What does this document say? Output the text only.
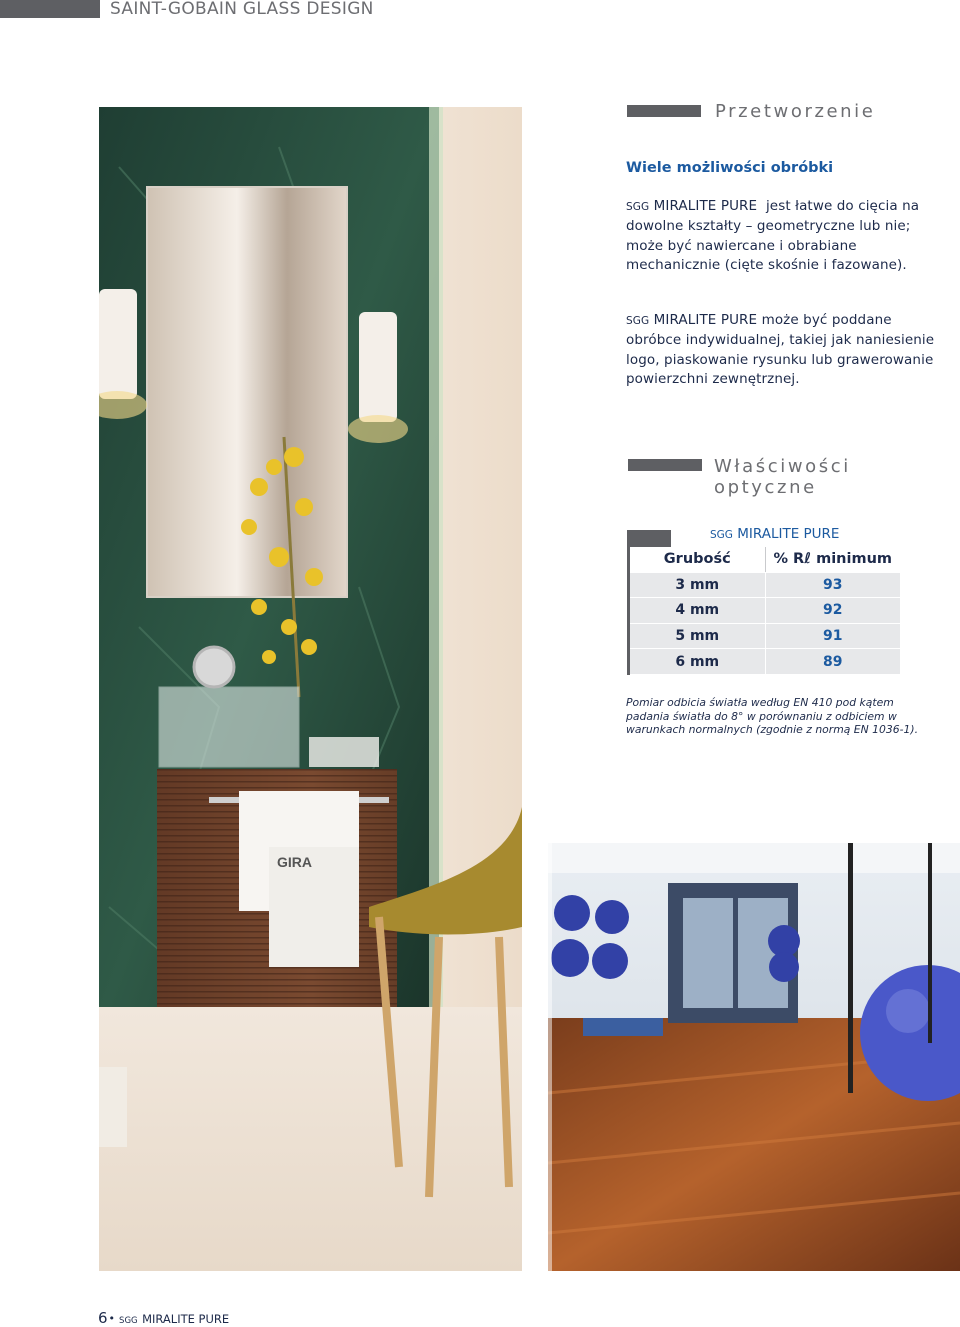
SAINT-GOBAIN GLASS DESIGN
GIRA
Przetworzenie
Wiele możliwości obróbki
SGG MIRALITE PURE jest łatwe do cięcia na dowolne kształty – geometryczne lub nie; może być nawiercane i obrabiane mechanicznie (cięte skośnie i fazowane).
SGG MIRALITE PURE może być poddane obróbce indywidualnej, takiej jak naniesienie logo, piaskowanie rysunku lub grawerowanie powierzchni zewnętrznej.
Właściwości
optyczne
SGG MIRALITE PURE
Grubość	% Rℓ minimum
3 mm	93
4 mm	92
5 mm	91
6 mm	89
Pomiar odbicia światła według EN 410 pod kątem padania światła do 8° w porównaniu z odbiciem w warunkach normalnych (zgodnie z normą EN 1036-1).
6• SGG MIRALITE PURE
